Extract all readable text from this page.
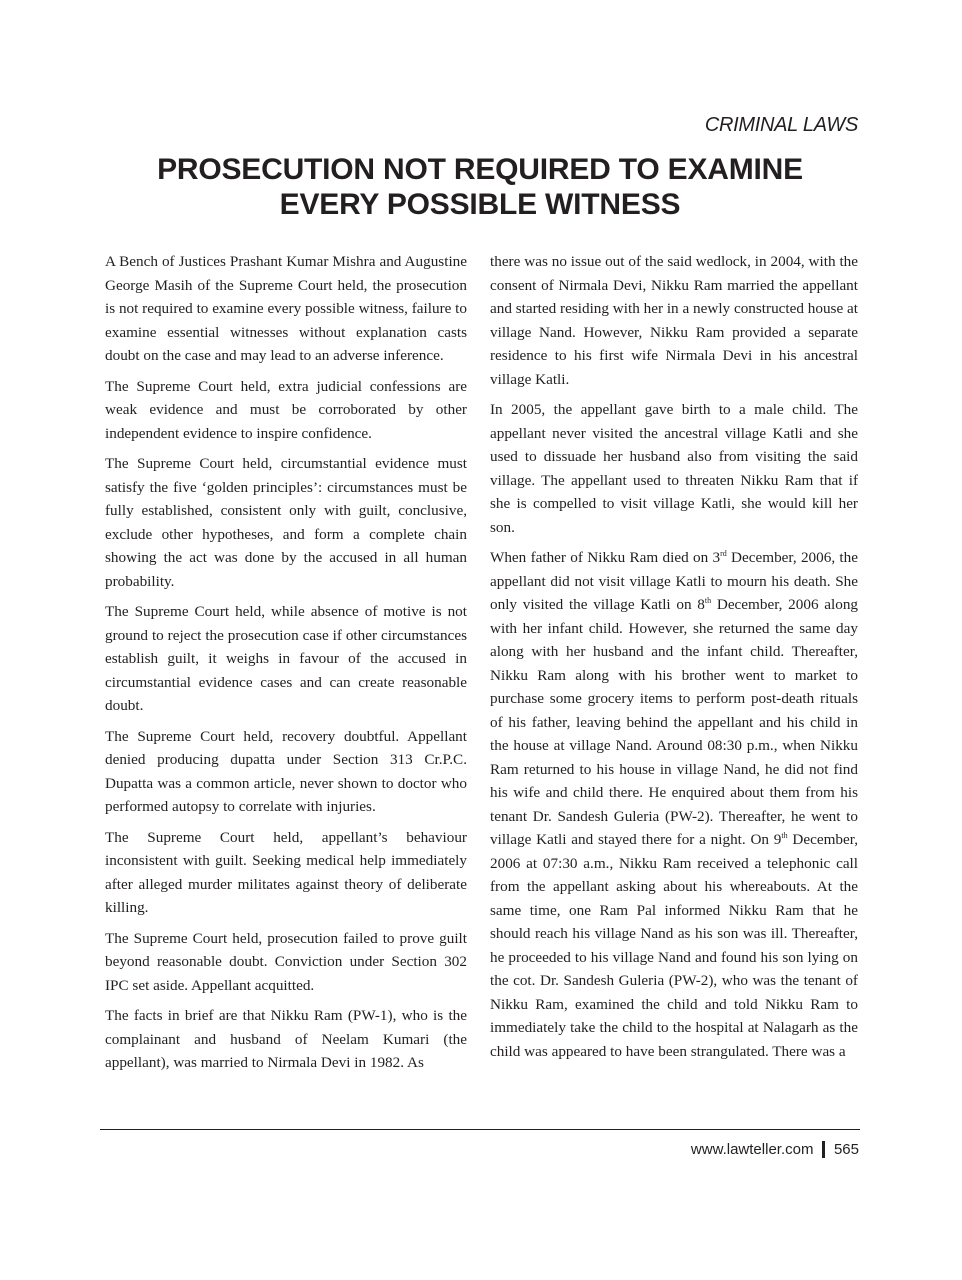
CRIMINAL LAWS
PROSECUTION NOT REQUIRED TO EXAMINE
EVERY POSSIBLE WITNESS

A Bench of Justices Prashant Kumar Mishra and Augustine George Masih of the Supreme Court held, the prosecution is not required to examine every possible witness, failure to examine essential witnesses without explanation casts doubt on the case and may lead to an adverse inference.

The Supreme Court held, extra judicial confessions are weak evidence and must be corroborated by other independent evidence to inspire confidence.

The Supreme Court held, circumstantial evidence must satisfy the five ‘golden principles’: circumstances must be fully established, consistent only with guilt, conclusive, exclude other hypotheses, and form a complete chain showing the act was done by the accused in all human probability.

The Supreme Court held, while absence of motive is not ground to reject the prosecution case if other circumstances establish guilt, it weighs in favour of the accused in circumstantial evidence cases and can create reasonable doubt.

The Supreme Court held, recovery doubtful. Appellant denied producing dupatta under Section 313 Cr.P.C. Dupatta was a common article, never shown to doctor who performed autopsy to correlate with injuries.

The Supreme Court held, appellant’s behaviour inconsistent with guilt. Seeking medical help immediately after alleged murder militates against theory of deliberate killing.

The Supreme Court held, prosecution failed to prove guilt beyond reasonable doubt. Conviction under Section 302 IPC set aside. Appellant acquitted.

The facts in brief are that Nikku Ram (PW-1), who is the complainant and husband of Neelam Kumari (the appellant), was married to Nirmala Devi in 1982. As

there was no issue out of the said wedlock, in 2004, with the consent of Nirmala Devi, Nikku Ram married the appellant and started residing with her in a newly constructed house at village Nand. However, Nikku Ram provided a separate residence to his first wife Nirmala Devi in his ancestral village Katli.

In 2005, the appellant gave birth to a male child. The appellant never visited the ancestral village Katli and she used to dissuade her husband also from visiting the said village. The appellant used to threaten Nikku Ram that if she is compelled to visit village Katli, she would kill her son.

When father of Nikku Ram died on 3rd December, 2006, the appellant did not visit village Katli to mourn his death. She only visited the village Katli on 8th December, 2006 along with her infant child. However, she returned the same day along with her husband and the infant child. Thereafter, Nikku Ram along with his brother went to market to purchase some grocery items to perform post-death rituals of his father, leaving behind the appellant and his child in the house at village Nand. Around 08:30 p.m., when Nikku Ram returned to his house in village Nand, he did not find his wife and child there. He enquired about them from his tenant Dr. Sandesh Guleria (PW-2). Thereafter, he went to village Katli and stayed there for a night. On 9th December, 2006 at 07:30 a.m., Nikku Ram received a telephonic call from the appellant asking about his whereabouts. At the same time, one Ram Pal informed Nikku Ram that he should reach his village Nand as his son was ill. Thereafter, he proceeded to his village Nand and found his son lying on the cot. Dr. Sandesh Guleria (PW-2), who was the tenant of Nikku Ram, examined the child and told Nikku Ram to immediately take the child to the hospital at Nalagarh as the child was appeared to have been strangulated. There was a

www.lawteller.com 565
